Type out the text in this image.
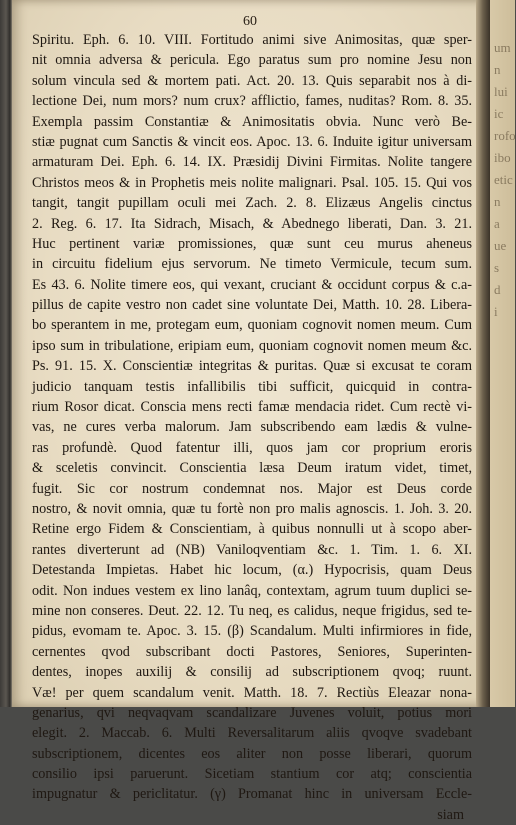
60
Spiritu. Eph. 6. 10. VIII. Fortitudo animi sive Animositas, quæ sper-
nit omnia adversa & pericula. Ego paratus sum pro nomine Jesu non
solum vincula sed & mortem pati. Act. 20. 13. Quis separabit nos à di-
lectione Dei, num mors? num crux? afflictio, fames, nuditas? Rom. 8. 35.
Exempla passim Constantiæ & Animositatis obvia. Nunc verò Be-
stiæ pugnat cum Sanctis & vincit eos. Apoc. 13. 6. Induite igitur universam
armaturam Dei. Eph. 6. 14. IX. Præsidij Divini Firmitas. Nolite tangere
Christos meos & in Prophetis meis nolite malignari. Psal. 105. 15. Qui vos
tangit, tangit pupillam oculi mei Zach. 2. 8. Elizæus Angelis cinctus
2. Reg. 6. 17. Ita Sidrach, Misach, & Abednego liberati, Dan. 3. 21.
Huc pertinent variæ promissiones, quæ sunt ceu murus aheneus
in circuitu fidelium ejus servorum. Ne timeto Vermicule, tecum sum.
Es 43. 6. Nolite timere eos, qui vexant, cruciant & occidunt corpus & c.a-
pillus de capite vestro non cadet sine voluntate Dei, Matth. 10. 28. Libera-
bo sperantem in me, protegam eum, quoniam cognovit nomen meum. Cum
ipso sum in tribulatione, eripiam eum, quoniam cognovit nomen meum &c.
Ps. 91. 15. X. Conscientiæ integritas & puritas. Quæ si excusat te coram
judicio tanquam testis infallibilis tibi sufficit, quicquid in contra-
rium Rosor dicat. Conscia mens recti famæ mendacia ridet. Cum rectè vi-
vas, ne cures verba malorum. Jam subscribendo eam lædis & vulne-
ras profundè. Quod fatentur illi, quos jam cor proprium eroris
& sceletis convincit. Conscientia læsa Deum iratum videt, timet,
fugit. Sic cor nostrum condemnat nos. Major est Deus corde
nostro, & novit omnia, quæ tu fortè non pro malis agnoscis. 1. Joh. 3. 20.
Retine ergo Fidem & Conscientiam, à quibus nonnulli ut à scopo aber-
rantes diverterunt ad (NB) Vaniloqventiam &c. 1. Tim. 1. 6. XI.
Detestanda Impietas. Habet hic locum, (α.) Hypocrisis, quam Deus
odit. Non indues vestem ex lino lanâq, contextam, agrum tuum duplici se-
mine non conseres. Deut. 22. 12. Tu neq, es calidus, neque frigidus, sed te-
pidus, evomam te. Apoc. 3. 15. (β) Scandalum. Multi infirmiores in fide,
cernentes qvod subscribant docti Pastores, Seniores, Superinten-
dentes, inopes auxilij & consilij ad subscriptionem qvoq; ruunt.
Væ! per quem scandalum venit. Matth. 18. 7. Rectiùs Eleazar nona-
genarius, qvi neqvaqvam scandalizare Juvenes voluit, potius mori
elegit. 2. Maccab. 6. Multi Reversalitarum aliis qvoqve svadebant
subscriptionem, dicentes eos aliter non posse liberari, quorum
consilio ipsi paruerunt. Sicetiam stantium cor atq; conscientia
impugnatur & periclitatur. (γ) Promanat hinc in universam Eccle-
siam
um
n
lui
ic
rofo
ibo
etic
n
a
ue
s
d
i
